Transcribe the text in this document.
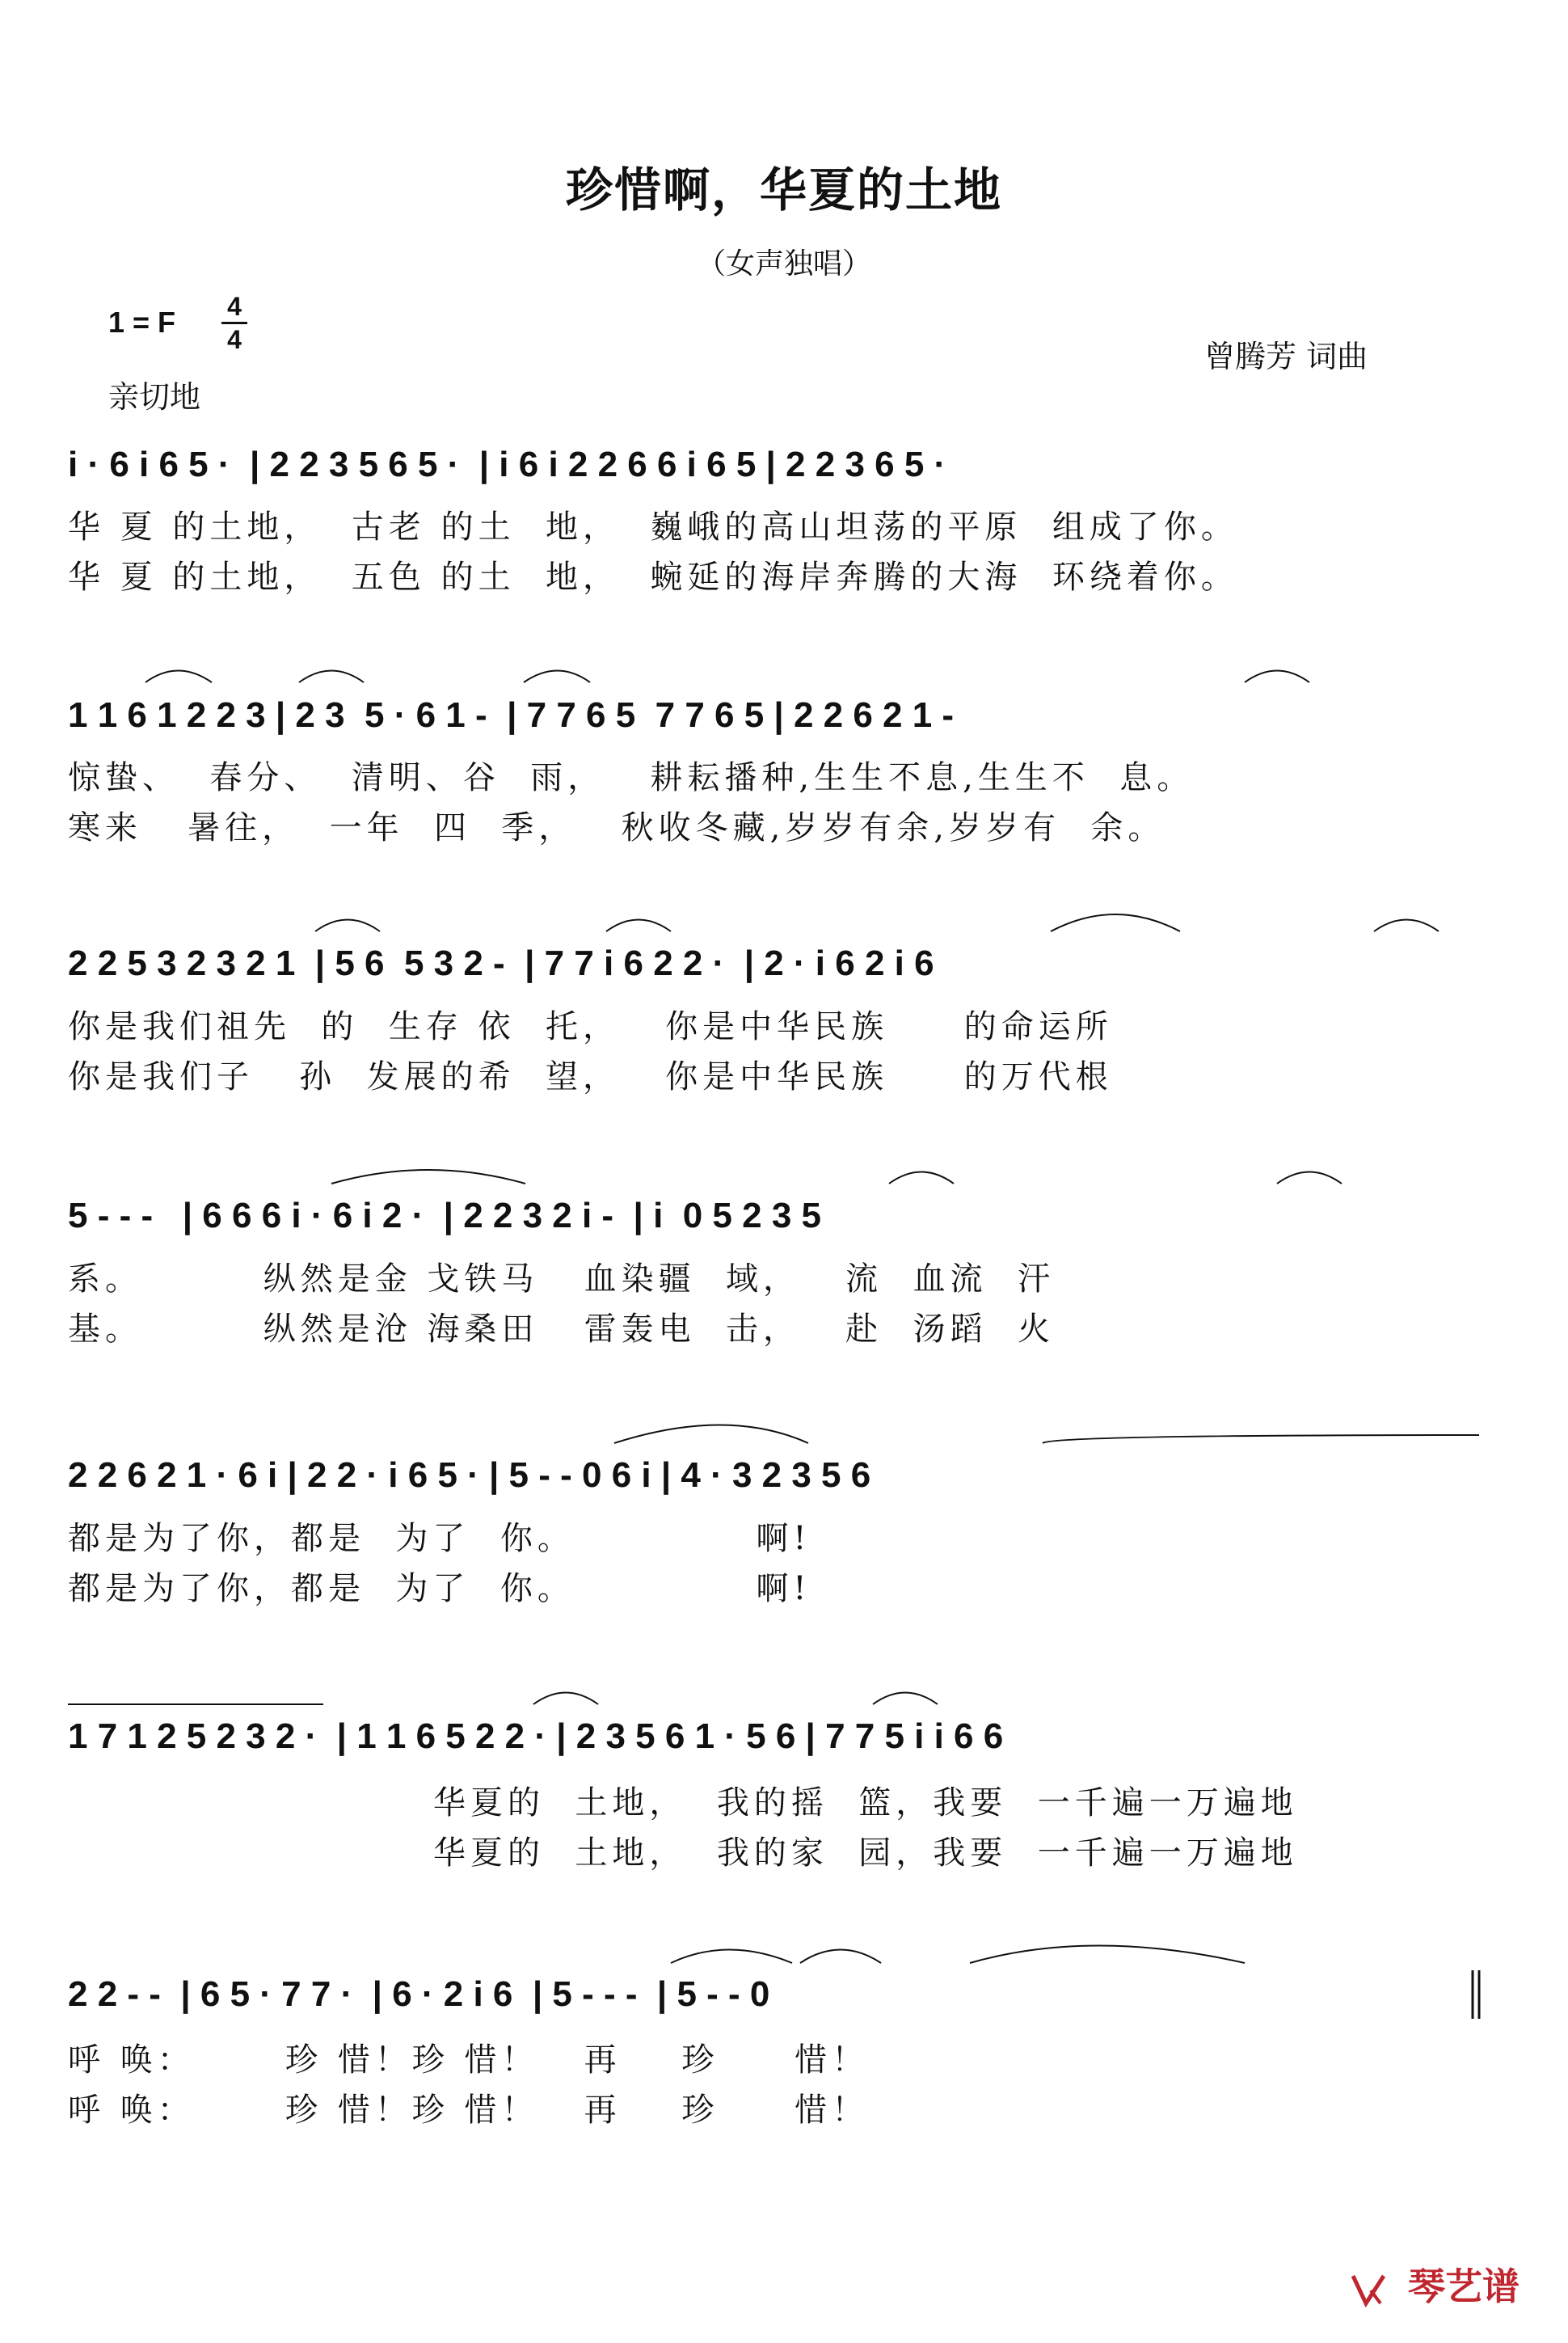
珍惜啊，华夏的土地
（女声独唱）
1 = F	4
4
亲切地
曾腾芳 词曲
i · 6 i 6 5 ·  | 2 2 3 5 6 5 ·  | i 6 i 2 2 6 6 i 6 5 | 2 2 3 6 5 ·
华 夏 的土地，  古老 的土  地，  巍峨的高山坦荡的平原  组成了你。
华 夏 的土地，  五色 的土  地，  蜿延的海岸奔腾的大海  环绕着你。
1 1 6 1 2 2 3 | 2 3  5 · 6 1 -  | 7 7 6 5  7 7 6 5 | 2 2 6 2 1 -
惊蛰、  春分、  清明、谷  雨，   耕耘播种,生生不息,生生不  息。
寒来   暑往，  一年  四  季，   秋收冬藏,岁岁有余,岁岁有  余。
2 2 5 3 2 3 2 1  | 5 6  5 3 2 -  | 7 7 i 6 2 2 ·  | 2 · i 6 2 i 6
你是我们祖先  的  生存 依  托，   你是中华民族     的命运所
你是我们子   孙  发展的希  望，   你是中华民族     的万代根
5 - - -   | 6 6 6 i · 6 i 2 ·  | 2 2 3 2 i -  | i  0 5 2 3 5
系。        纵然是金 戈铁马   血染疆  域，   流  血流  汗
基。        纵然是沧 海桑田   雷轰电  击，   赴  汤蹈  火
2 2 6 2 1 · 6 i | 2 2 · i 6 5 · | 5 - - 0 6 i | 4 · 3 2 3 5 6
都是为了你，都是  为了  你。            啊!
都是为了你，都是  为了  你。            啊!
1 7 1 2 5 2 3 2 ·  | 1 1 6 5 2 2 · | 2 3 5 6 1 · 5 6 | 7 7 5 i i 6 6
华夏的  土地，  我的摇  篮，我要  一千遍一万遍地
华夏的  土地，  我的家  园，我要  一千遍一万遍地
2 2 - -  | 6 5 · 7 7 ·  | 6 · 2 i 6  | 5 - - -  | 5 - - 0
呼 唤：      珍 惜！珍 惜！   再    珍     惜！
呼 唤：      珍 惜！珍 惜！   再    珍     惜！
琴艺谱
